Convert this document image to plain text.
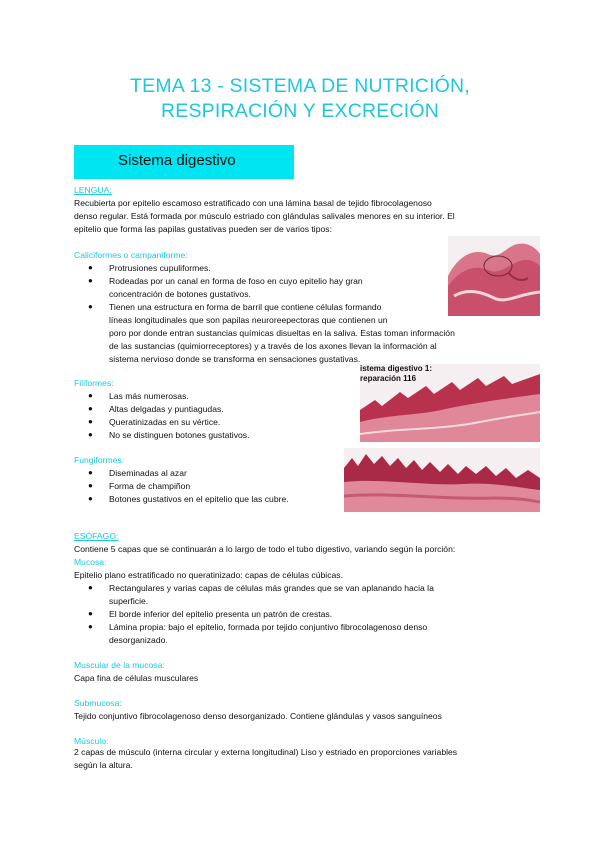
TEMA 13 - SISTEMA DE NUTRICIÓN,
RESPIRACIÓN Y EXCRECIÓN
Sistema digestivo
LENGUA:
Recubierta por epitelio escamoso estratificado con una lámina basal de tejido fibrocolagenoso
denso regular. Está formada por músculo estriado con glándulas salivales menores en su interior. El
epitelio que forma las papilas gustativas pueden ser de varios tipos:
Caliciformes o campaniforme:
● Protrusiones cupuliformes.
● Rodeadas por un canal en forma de foso en cuyo epitelio hay gran
concentración de botones gustativos.
● Tienen una estructura en forma de barril que contiene células formando
líneas longitudinales que son papilas neuroreepectoras que contienen un
poro por donde entran sustancias químicas disueltas en la saliva. Estas toman información
de las sustancias (quimiorreceptores) y a través de los axones llevan la información al
sistema nervioso donde se transforma en sensaciones gustativas.
Filiformes:
● Las más numerosas.
● Altas delgadas y puntiagudas.
● Queratinizadas en su vértice.
● No se distinguen botones gustativos.
Fungiformes:
● Diseminadas al azar
● Forma de champiñon
● Botones gustativos en el epitelio que las cubre.
istema digestivo 1:
reparación 116
ESÓFAGO:
Contiene 5 capas que se continuarán a lo largo de todo el tubo digestivo, variando según la porción:
Mucosa:
Epitelio plano estratificado no queratinizado: capas de células cúbicas.
● Rectangulares y varias capas de células más grandes que se van aplanando hacia la
superficie.
● El borde inferior del epitelio presenta un patrón de crestas.
● Lámina propia: bajo el epitelio, formada por tejido conjuntivo fibrocolagenoso denso
desorganizado.
Muscular de la mucosa:
Capa fina de células musculares
Submucosa:
Tejido conjuntivo fibrocolagenoso denso desorganizado. Contiene glándulas y vasos sanguíneos
Músculo:
2 capas de músculo (interna circular y externa longitudinal) Liso y estriado en proporciones variables
según la altura.
